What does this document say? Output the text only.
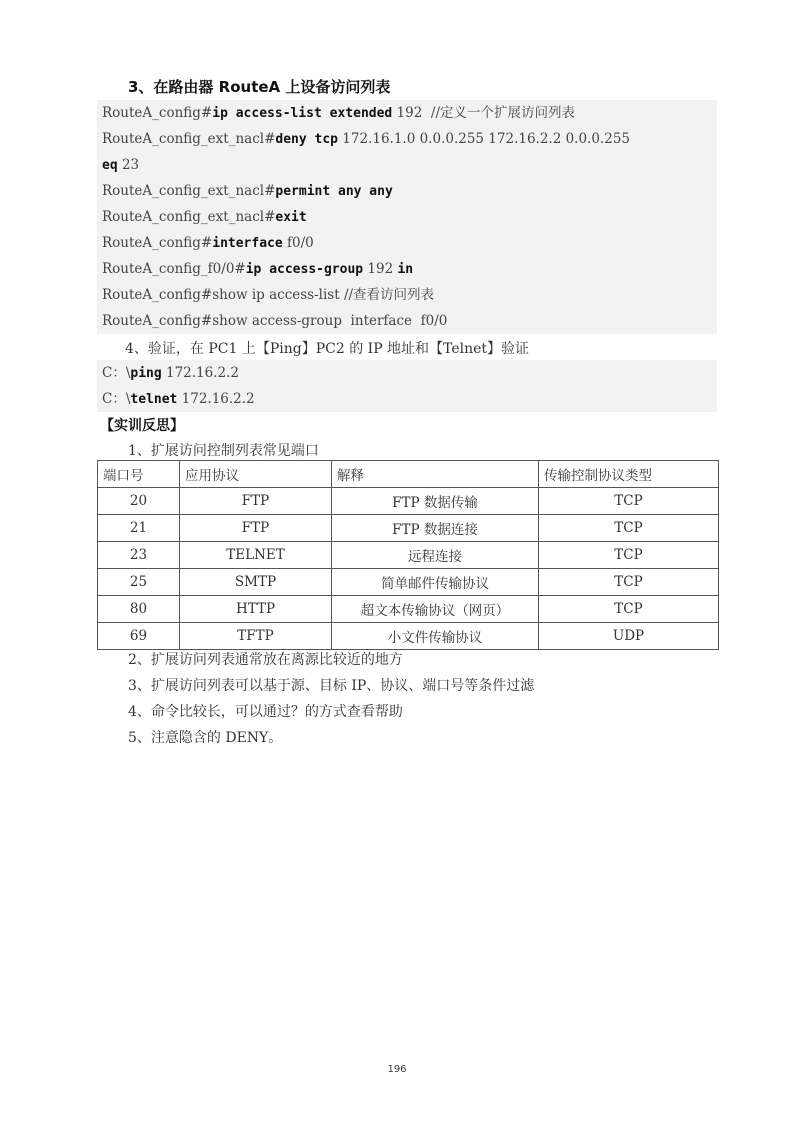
3、在路由器 RouteA 上设备访问列表
RouteA_config#ip access-list extended 192  //定义一个扩展访问列表
RouteA_config_ext_nacl#deny tcp 172.16.1.0 0.0.0.255 172.16.2.2 0.0.0.255
eq 23
RouteA_config_ext_nacl#permint any any
RouteA_config_ext_nacl#exit
RouteA_config#interface f0/0
RouteA_config_f0/0#ip access-group 192 in
RouteA_config#show ip access-list //查看访问列表
RouteA_config#show access-group  interface  f0/0
4、验证，在 PC1 上【Ping】PC2 的 IP 地址和【Telnet】验证
C：\ping 172.16.2.2
C：\telnet 172.16.2.2
【实训反思】
1、扩展访问控制列表常见端口
端口号	应用协议	解释	传输控制协议类型
20	FTP	FTP 数据传输	TCP
21	FTP	FTP 数据连接	TCP
23	TELNET	远程连接	TCP
25	SMTP	简单邮件传输协议	TCP
80	HTTP	超文本传输协议（网页）	TCP
69	TFTP	小文件传输协议	UDP
2、扩展访问列表通常放在离源比较近的地方
3、扩展访问列表可以基于源、目标 IP、协议、端口号等条件过滤
4、命令比较长，可以通过？的方式查看帮助
5、注意隐含的 DENY。
196
